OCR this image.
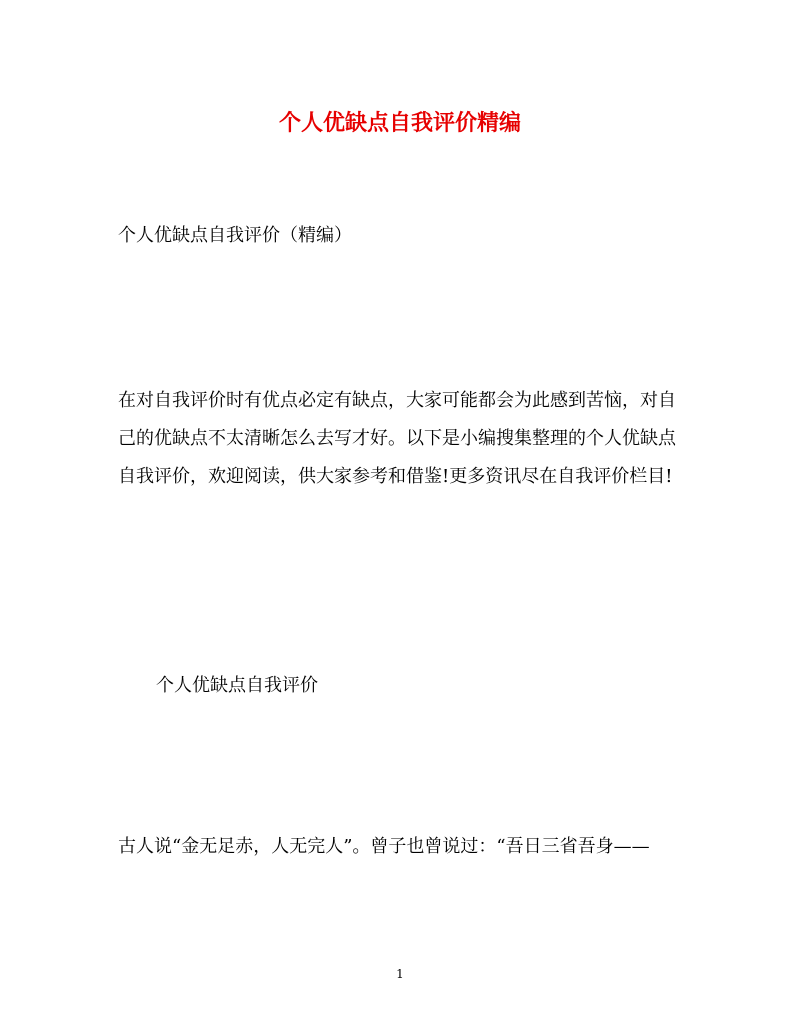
个人优缺点自我评价精编
个人优缺点自我评价（精编）

在对自我评价时有优点必定有缺点，大家可能都会为此感到苦恼，对自己的优缺点不太清晰怎么去写才好。以下是小编搜集整理的个人优缺点自我评价，欢迎阅读，供大家参考和借鉴!更多资讯尽在自我评价栏目!

个人优缺点自我评价

古人说“金无足赤，人无完人”。曾子也曾说过：“吾日三省吾身——

1
